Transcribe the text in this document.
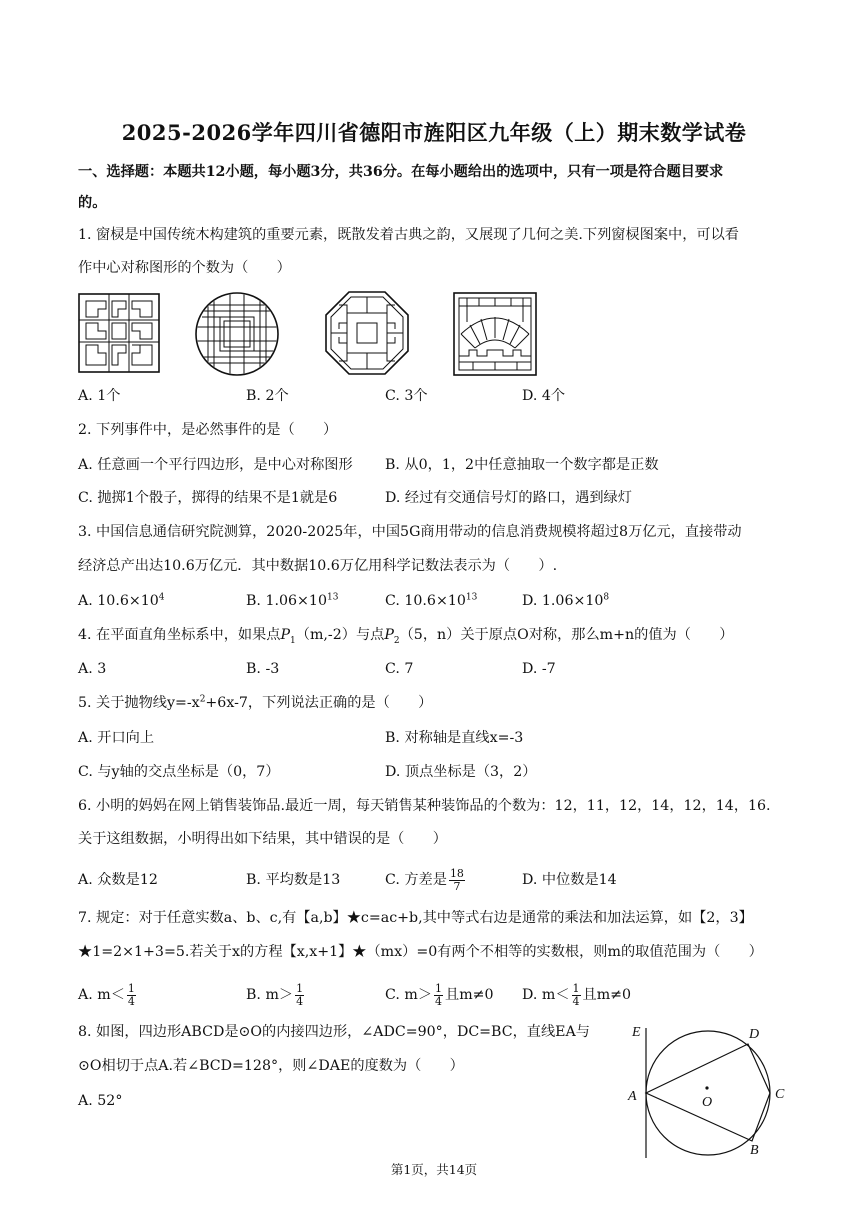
2025-2026学年四川省德阳市旌阳区九年级（上）期末数学试卷
一、选择题：本题共12小题，每小题3分，共36分。在每小题给出的选项中，只有一项是符合题目要求
的。
1. 窗棂是中国传统木构建筑的重要元素，既散发着古典之韵，又展现了几何之美.下列窗棂图案中，可以看
作中心对称图形的个数为（　　）
A. 1个	B. 2个	C. 3个	D. 4个
2. 下列事件中，是必然事件的是（　　）
A. 任意画一个平行四边形，是中心对称图形 B. 从0，1，2中任意抽取一个数字都是正数
C. 抛掷1个骰子，掷得的结果不是1就是6	D. 经过有交通信号灯的路口，遇到绿灯
3. 中国信息通信研究院测算，2020-2025年，中国5G商用带动的信息消费规模将超过8万亿元，直接带动
经济总产出达10.6万亿元．其中数据10.6万亿用科学记数法表示为（　　）.
A. $10.6\times 10^4$	B. $1.06\times 10^{13}$	C. $10.6\times 10^{13}$	D. $1.06\times 10^8$
4. 在平面直角坐标系中，如果点$P_1(m,-2)$与点$P_2(5$，n）关于原点O对称，那么m+n的值为（　　）
A. 3	B. -3	C. 7	D. -7
5. 关于抛物线$y=-x^2+6x-7$，下列说法正确的是（　　）
A. 开口向上	B. 对称轴是直线x=-3
C. 与y轴的交点坐标是（0，7）	D. 顶点坐标是（3，2）
6. 小明的妈妈在网上销售装饰品.最近一周，每天销售某种装饰品的个数为：12，11，12，14，12，14，16.
关于这组数据，小明得出如下结果，其中错误的是（　　）
A. 众数是12	B. 平均数是13	C. 方差是 $\frac{18}{7}$	D. 中位数是14
7. 规定：对于任意实数a、b、c,有【a,b】★c=ac+b,其中等式右边是通常的乘法和加法运算，如【2，3】
★1=2×1+3=5.若关于x的方程【x,x+1】★（mx）=0有两个不相等的实数根，则m的取值范围为（　　）
A. $m< \frac{1}{4}$	B. $m> \frac{1}{4}$	C. $m> \frac{1}{4}$ 且m≠0 D. $m< \frac{1}{4}$ 且m≠0
8. 如图，四边形ABCD是⊙O的内接四边形，∠ADC=90°，DC=BC，直线EA与
⊙O相切于点A.若∠BCD=128°，则∠DAE的度数为（　　）
A. 52°
E	D
A	O
C
B
第1页，共14页
